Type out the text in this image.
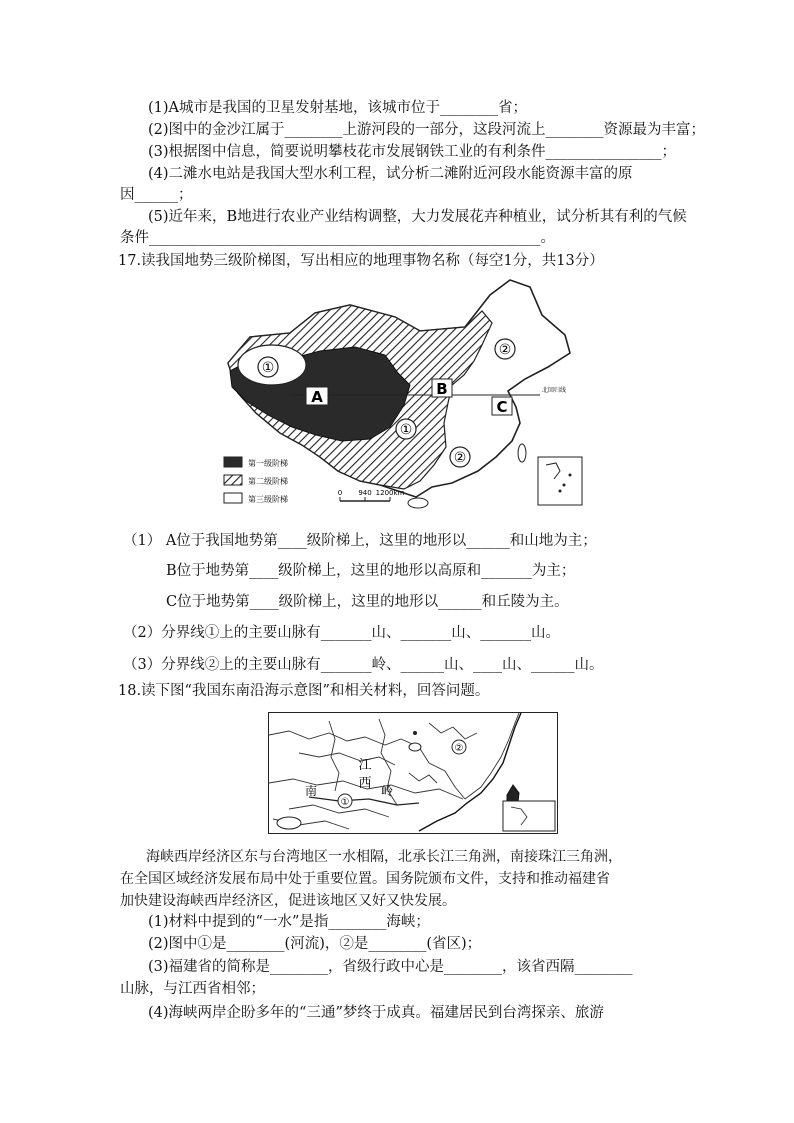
(1)A城市是我国的卫星发射基地，该城市位于________省；
(2)图中的金沙江属于________上游河段的一部分，这段河流上________资源最为丰富；
(3)根据图中信息，简要说明攀枝花市发展钢铁工业的有利条件________________；
(4)二滩水电站是我国大型水利工程，试分析二滩附近河段水能资源丰富的原
因______；
(5)近年来，B地进行农业产业结构调整，大力发展花卉种植业，试分析其有利的气候
条件______________________________________________________。
17.读我国地势三级阶梯图，写出相应的地理事物名称（每空1分，共13分）
①
②
①
②
A	B
C
北回归线
第一级阶梯
第二级阶梯
第三级阶梯
0 940 1200km
（1） A位于我国地势第____级阶梯上，这里的地形以______和山地为主；
B位于地势第____级阶梯上，这里的地形以高原和_______为主；
C位于地势第____级阶梯上，这里的地形以______和丘陵为主。
（2）分界线①上的主要山脉有_______山、_______山、_______山。
（3）分界线②上的主要山脉有_______岭、______山、____山、______山。
18.读下图“我国东南沿海示意图”和相关材料，回答问题。
①
②
江
西
南	岭
海峡西岸经济区东与台湾地区一水相隔，北承长江三角洲，南接珠江三角洲，
在全国区域经济发展布局中处于重要位置。国务院颁布文件，支持和推动福建省
加快建设海峡西岸经济区，促进该地区又好又快发展。
(1)材料中提到的“一水”是指________海峡；
(2)图中①是________(河流)，②是________(省区)；
(3)福建省的简称是________，省级行政中心是________，该省西隔________
山脉，与江西省相邻；
(4)海峡两岸企盼多年的“三通”梦终于成真。福建居民到台湾探亲、旅游
